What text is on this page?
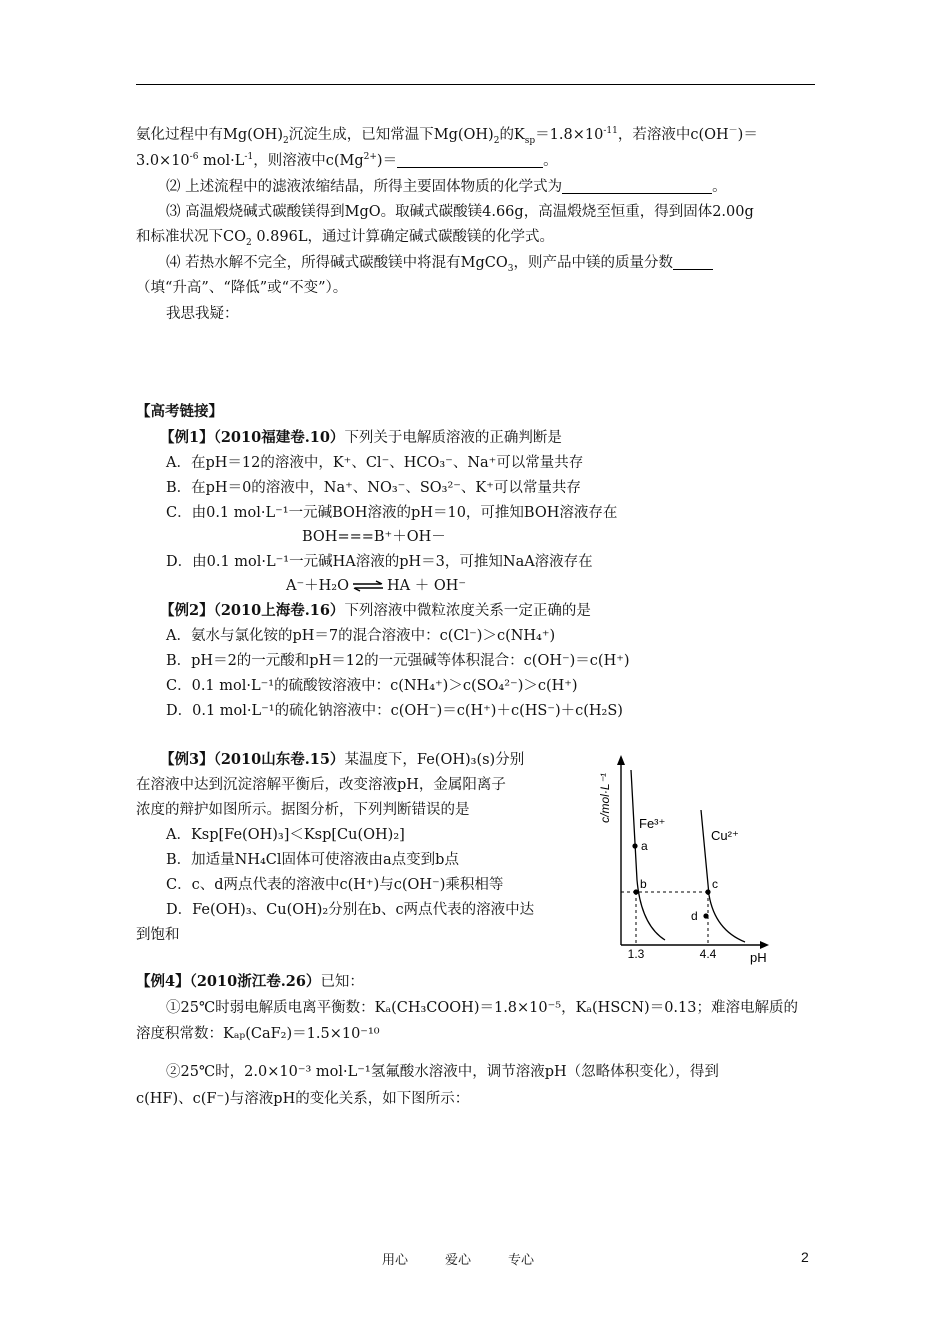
氨化过程中有$Mg(OH)_2$沉淀生成，已知常温下$Mg(OH)_2$的$K_{sp}=1.8\times 10^{-11}$，若溶液中c(OH－)＝
$3.0\times 10^{-6}$ $mol\cdot L^{-1}$，则溶液中$c(Mg^{2+})=$	。
⑵ 上述流程中的滤液浓缩结晶，所得主要固体物质的化学式为	。
⑶ 高温煅烧碱式碳酸镁得到MgO。取碱式碳酸镁4.66g，高温煅烧至恒重，得到固体2.00g
和标准状况下$CO_2$ 0.896L，通过计算确定碱式碳酸镁的化学式。
⑷ 若热水解不完全，所得碱式碳酸镁中将混有MgCO$_3$，则产品中镁的质量分数
（填“升高”、“降低”或“不变”）。
我思我疑：
【高考链接】
【例1】（2010福建卷.10）下列关于电解质溶液的正确判断是
A．在pH＝12的溶液中，K⁺、Cl⁻、HCO₃⁻、Na⁺可以常量共存
B．在pH＝0的溶液中，Na⁺、NO₃⁻、SO₃²⁻、K⁺可以常量共存
C．由0.1 mol·L⁻¹一元碱BOH溶液的pH＝10，可推知BOH溶液存在
BOH===B⁺＋OH－
D．由0.1 mol·L⁻¹一元碱HA溶液的pH＝3，可推知NaA溶液存在
A⁻＋H₂O ⇌ HA ＋ OH⁻
【例2】（2010上海卷.16）下列溶液中微粒浓度关系一定正确的是
A．氨水与氯化铵的pH＝7的混合溶液中：c(Cl⁻)＞c(NH₄⁺)
B．pH＝2的一元酸和pH＝12的一元强碱等体积混合：c(OH⁻)＝c(H⁺)
C．0.1 mol·L⁻¹的硫酸铵溶液中：c(NH₄⁺)＞c(SO₄²⁻)＞c(H⁺)
D．0.1 mol·L⁻¹的硫化钠溶液中：c(OH⁻)＝c(H⁺)＋c(HS⁻)＋c(H₂S)
【例3】（2010山东卷.15）某温度下，Fe(OH)₃(s)分别
在溶液中达到沉淀溶解平衡后，改变溶液pH，金属阳离子
浓度的辩护如图所示。据图分析，下列判断错误的是
A．Ksp[Fe(OH)₃]＜Ksp[Cu(OH)₂]
B．加适量NH₄Cl固体可使溶液由a点变到b点
C．c、d两点代表的溶液中c(H⁺)与c(OH⁻)乘积相等
D．Fe(OH)₃、Cu(OH)₂分别在b、c两点代表的溶液中达
到饱和
c/mol·L⁻¹
pH
Fe³⁺
Cu²⁺
a
b	c
d
1.3	4.4
【例4】（2010浙江卷.26）已知：
①25℃时弱电解质电离平衡数：Kₐ(CH₃COOH)＝1.8×10⁻⁵，Kₐ(HSCN)＝0.13；难溶电解质的
溶度积常数：Kₐₚ(CaF₂)＝1.5×10⁻¹⁰
②25℃时，2.0×10⁻³ mol·L⁻¹氢氟酸水溶液中，调节溶液pH（忽略体积变化），得到
c(HF)、c(F⁻)与溶液pH的变化关系，如下图所示：
用心	爱心	专心	2
